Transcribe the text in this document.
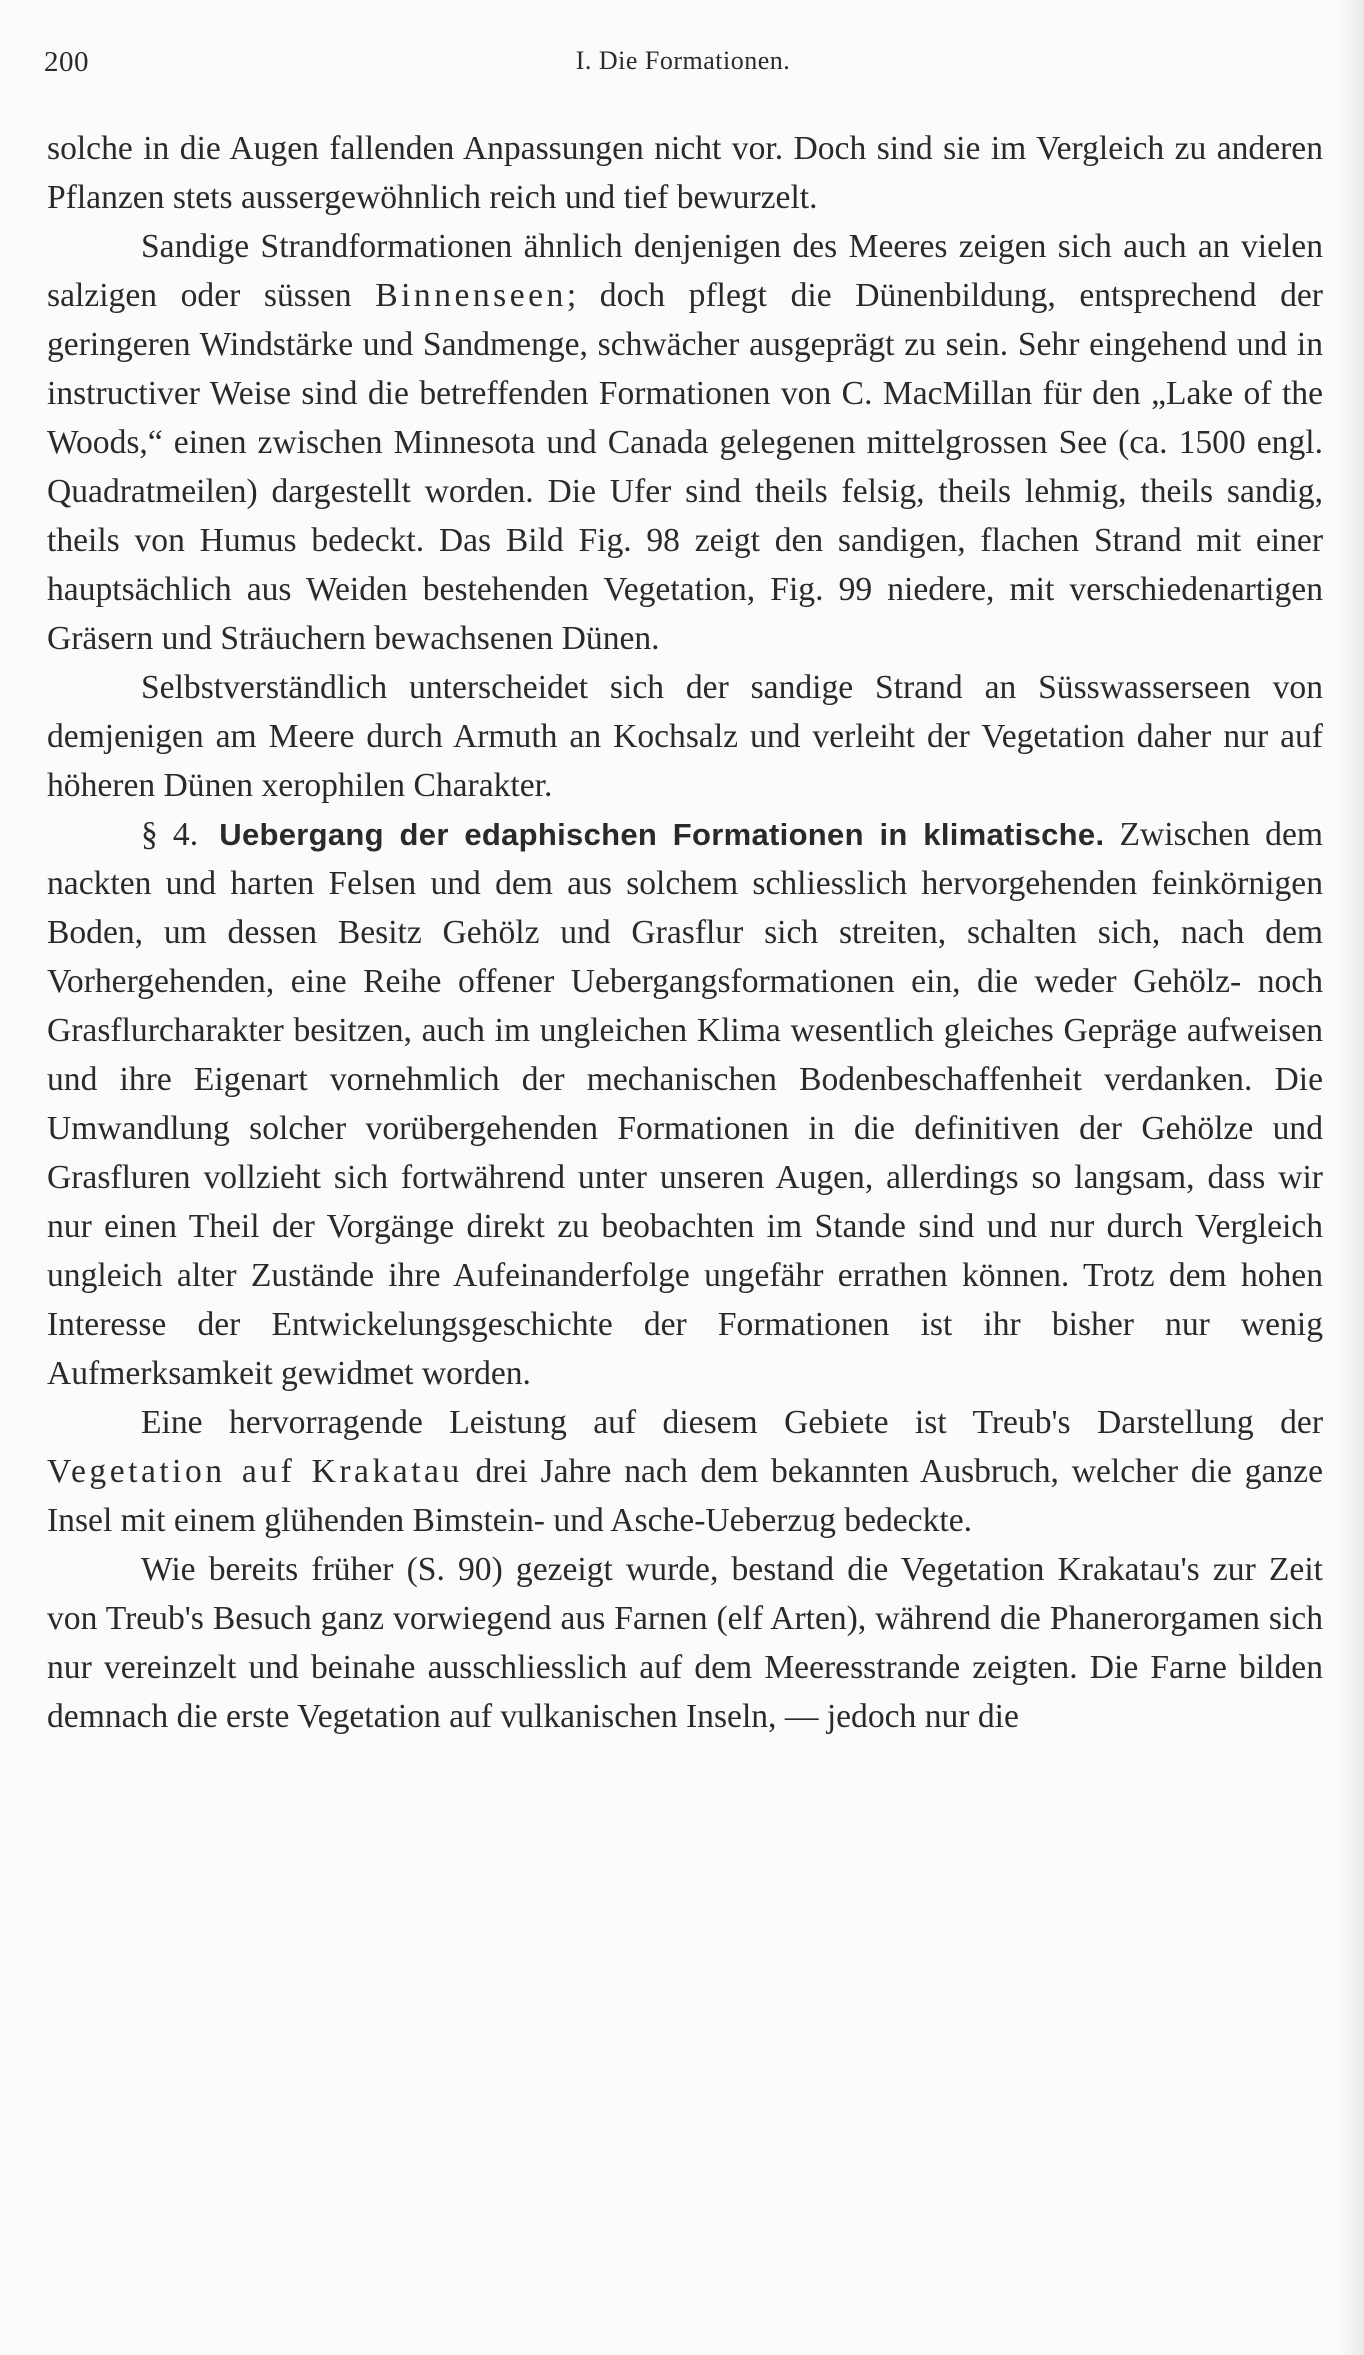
200	I. Die Formationen.

solche in die Augen fallenden Anpassungen nicht vor. Doch sind sie im Vergleich zu anderen Pflanzen stets aussergewöhnlich reich und tief bewurzelt.

Sandige Strandformationen ähnlich denjenigen des Meeres zeigen sich auch an vielen salzigen oder süssen Binnenseen; doch pflegt die Dünenbildung, entsprechend der geringeren Windstärke und Sandmenge, schwächer ausgeprägt zu sein. Sehr eingehend und in instructiver Weise sind die betreffenden Formationen von C. MacMillan für den „Lake of the Woods,“ einen zwischen Minnesota und Canada gelegenen mittelgrossen See (ca. 1500 engl. Quadratmeilen) dargestellt worden. Die Ufer sind theils felsig, theils lehmig, theils sandig, theils von Humus bedeckt. Das Bild Fig. 98 zeigt den sandigen, flachen Strand mit einer hauptsächlich aus Weiden bestehenden Vegetation, Fig. 99 niedere, mit verschiedenartigen Gräsern und Sträuchern bewachsenen Dünen.

Selbstverständlich unterscheidet sich der sandige Strand an Süsswasserseen von demjenigen am Meere durch Armuth an Kochsalz und verleiht der Vegetation daher nur auf höheren Dünen xerophilen Charakter.

§ 4. Uebergang der edaphischen Formationen in klimatische. Zwischen dem nackten und harten Felsen und dem aus solchem schliesslich hervorgehenden feinkörnigen Boden, um dessen Besitz Gehölz und Grasflur sich streiten, schalten sich, nach dem Vorhergehenden, eine Reihe offener Uebergangsformationen ein, die weder Gehölz- noch Grasflurcharakter besitzen, auch im ungleichen Klima wesentlich gleiches Gepräge aufweisen und ihre Eigenart vornehmlich der mechanischen Bodenbeschaffenheit verdanken. Die Umwandlung solcher vorübergehenden Formationen in die definitiven der Gehölze und Grasfluren vollzieht sich fortwährend unter unseren Augen, allerdings so langsam, dass wir nur einen Theil der Vorgänge direkt zu beobachten im Stande sind und nur durch Vergleich ungleich alter Zustände ihre Aufeinanderfolge ungefähr errathen können. Trotz dem hohen Interesse der Entwickelungsgeschichte der Formationen ist ihr bisher nur wenig Aufmerksamkeit gewidmet worden.

Eine hervorragende Leistung auf diesem Gebiete ist Treub's Darstellung der Vegetation auf Krakatau drei Jahre nach dem bekannten Ausbruch, welcher die ganze Insel mit einem glühenden Bimstein- und Asche-Ueberzug bedeckte.

Wie bereits früher (S. 90) gezeigt wurde, bestand die Vegetation Krakatau's zur Zeit von Treub's Besuch ganz vorwiegend aus Farnen (elf Arten), während die Phanerorgamen sich nur vereinzelt und beinahe ausschliesslich auf dem Meeresstrande zeigten. Die Farne bilden demnach die erste Vegetation auf vulkanischen Inseln, — jedoch nur die
